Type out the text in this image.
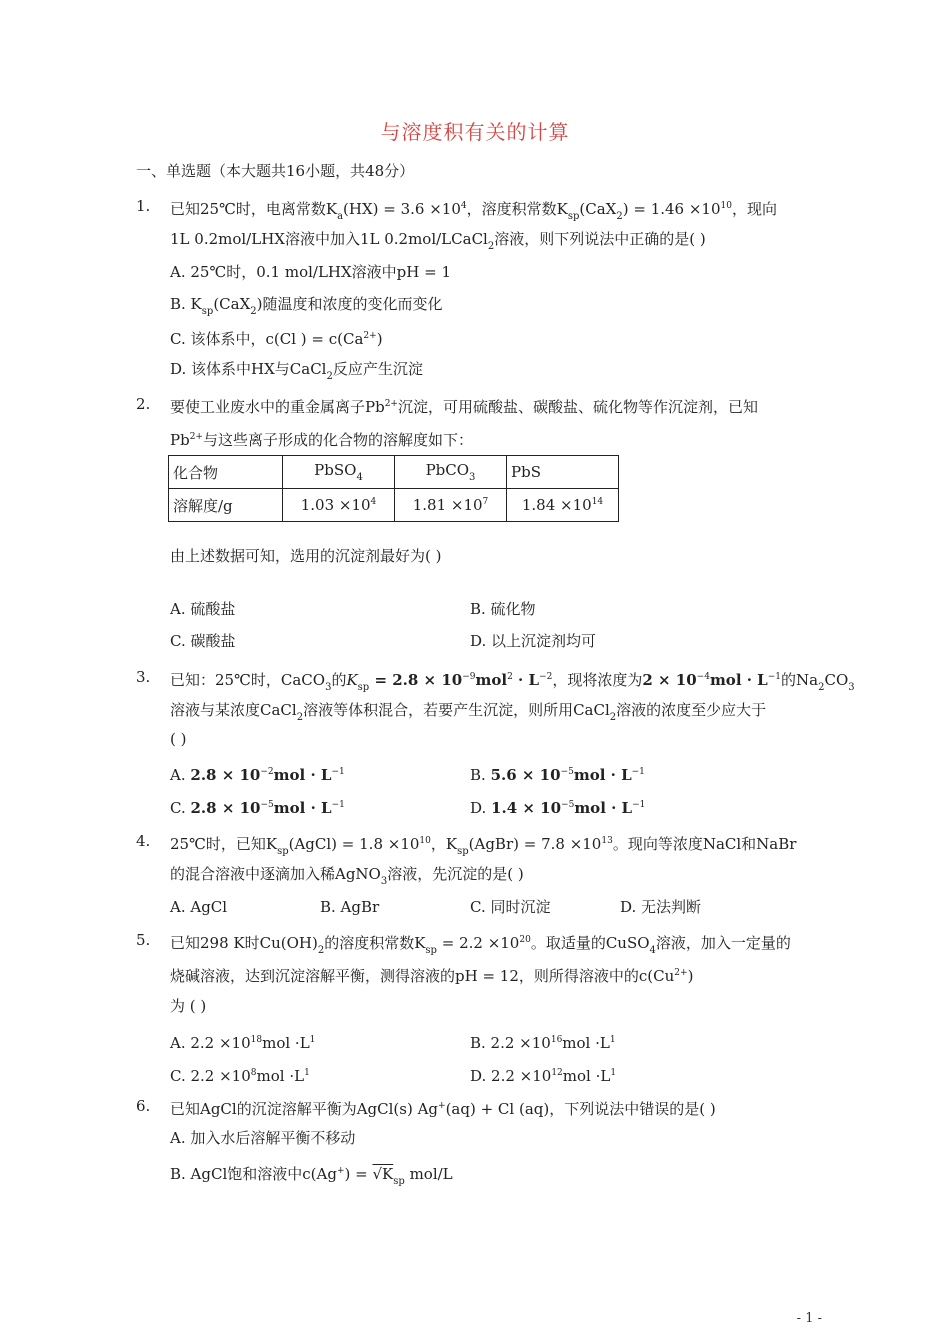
与溶度积有关的计算
一、单选题（本大题共16小题，共48分）
1. 已知25℃时，电离常数$K_a(HX) = 3.6 \times 10^4$，溶度积常数$K_{sp}(CaX_2) = 1.46 \times 10^{10}$，现向
1L 0.2mol/LHX溶液中加入1L 0.2mol/LCaCl$_2$溶液，则下列说法中正确的是( )
A. 25℃时，0.1 mol/LHX溶液中pH = 1
B. $K_{sp}(CaX_2)$随温度和浓度的变化而变化
C. 该体系中，c(Cl ) = $c(Ca^{2+})$
D. 该体系中HX与CaCl$_2$反应产生沉淀
2. 要使工业废水中的重金属离子$Pb^{2+}$沉淀，可用硫酸盐、碳酸盐、硫化物等作沉淀剂，已知
$Pb^{2+}$与这些离子形成的化合物的溶解度如下：
化合物	PbSO$_4$	PbCO$_3$	PbS
溶解度/g	$1.03 \times 10^4$	$1.81 \times 10^7$	$1.84 \times 10^{14}$
由上述数据可知，选用的沉淀剂最好为( )
A. 硫酸盐	B. 硫化物
C. 碳酸盐	D. 以上沉淀剂均可
3. 已知：25℃时，CaCO$_3$的$K_{sp} = 2.8 \times 10^{-9}mol^2 \cdot L^{-2}$，现将浓度为$2 \times 10^{-4}mol \cdot L^{-1}$的$Na_2CO_3$
溶液与某浓度CaCl$_2$溶液等体积混合，若要产生沉淀，则所用CaCl$_2$溶液的浓度至少应大于
( )
A. $2.8 \times 10^{-2}mol \cdot L^{-1}$	B. $5.6 \times 10^{-5}mol \cdot L^{-1}$
C. $2.8 \times 10^{-5}mol \cdot L^{-1}$	D. $1.4 \times 10^{-5}mol \cdot L^{-1}$
4. 25℃时，已知$K_{sp}(AgCl) = 1.8 \times 10^{10}$，$K_{sp}(AgBr) = 7.8 \times 10^{13}$。现向等浓度NaCl和NaBr
的混合溶液中逐滴加入稀AgNO$_3$溶液，先沉淀的是( )
A. AgCl	B. AgBr	C. 同时沉淀	D. 无法判断
5. 已知298 K时$Cu(OH)_2$的溶度积常数$K_{sp} = 2.2 \times 10^{20}$。取适量的CuSO$_4$溶液，加入一定量的
烧碱溶液，达到沉淀溶解平衡，测得溶液的pH = 12，则所得溶液中的$c(Cu^{2+})$
为 ( )
A. $2.2 \times 10^{18}mol \cdot L^1$	B. $2.2 \times 10^{16}mol \cdot L^1$
C. $2.2 \times 10^8mol \cdot L^1$	D. $2.2 \times 10^{12}mol \cdot L^1$
6. 已知AgCl的沉淀溶解平衡为AgCl(s) Ag+(aq) + Cl (aq)，下列说法中错误的是( )
A. 加入水后溶解平衡不移动
B. AgCl饱和溶液中$c(Ag^+) = √K_{sp}$ mol/L
- 1 -
